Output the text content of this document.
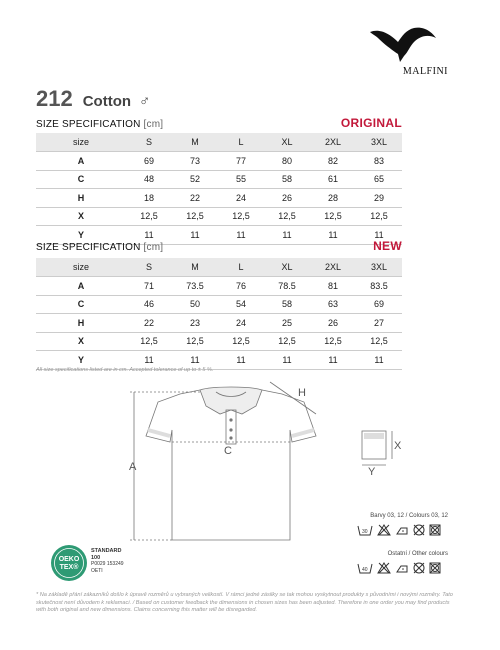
MALFINI
212 Cotton ♂
SIZE SPECIFICATION [cm]	ORIGINAL
size	S	M	L	XL	2XL	3XL
A	69	73	77	80	82	83
C	48	52	55	58	61	65
H	18	22	24	26	28	29
X	12,5	12,5	12,5	12,5	12,5	12,5
Y	11	11	11	11	11	11
SIZE SPECIFICATION [cm]	NEW
size	S	M	L	XL	2XL	3XL
A	71	73.5	76	78.5	81	83.5
C	46	50	54	58	63	69
H	22	23	24	25	26	27
X	12,5	12,5	12,5	12,5	12,5	12,5
Y	11	11	11	11	11	11
All size specifications listed are in cm. Accepted tolerance of up to ± 5 %.
A
C
H
X
Y
Barvy 03, 12 / Colours 03, 12
30
Ostatní / Other colours
40
OEKO
TEX®
STANDARD
100
P0029 153249
OETI
* Na základě přání zákazníků došlo k úpravě rozměrů u vybraných velikostí. V rámci jedné zásilky se tak mohou vyskytnout produkty s původními i novými rozměry. Tato skutečnost není důvodem k reklamaci. / Based on customer feedback the dimensions in chosen sizes has been adjusted. Therefore in one order you may find products with both original and new dimensions. Claims concerning this matter will be disregarded.
